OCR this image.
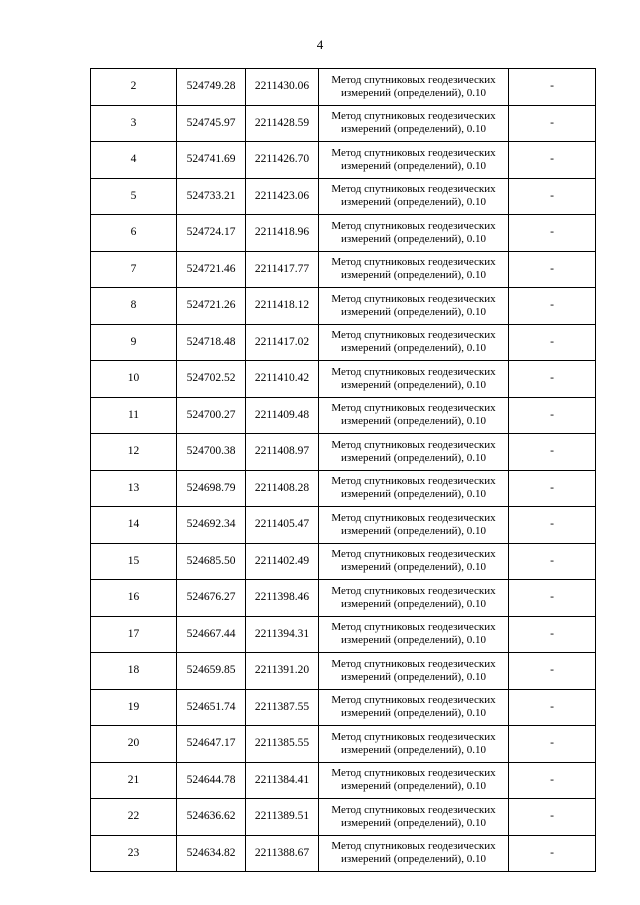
4
2	524749.28	2211430.06	Метод спутниковых геодезических измерений (определений), 0.10	-
3	524745.97	2211428.59	Метод спутниковых геодезических измерений (определений), 0.10	-
4	524741.69	2211426.70	Метод спутниковых геодезических измерений (определений), 0.10	-
5	524733.21	2211423.06	Метод спутниковых геодезических измерений (определений), 0.10	-
6	524724.17	2211418.96	Метод спутниковых геодезических измерений (определений), 0.10	-
7	524721.46	2211417.77	Метод спутниковых геодезических измерений (определений), 0.10	-
8	524721.26	2211418.12	Метод спутниковых геодезических измерений (определений), 0.10	-
9	524718.48	2211417.02	Метод спутниковых геодезических измерений (определений), 0.10	-
10	524702.52	2211410.42	Метод спутниковых геодезических измерений (определений), 0.10	-
11	524700.27	2211409.48	Метод спутниковых геодезических измерений (определений), 0.10	-
12	524700.38	2211408.97	Метод спутниковых геодезических измерений (определений), 0.10	-
13	524698.79	2211408.28	Метод спутниковых геодезических измерений (определений), 0.10	-
14	524692.34	2211405.47	Метод спутниковых геодезических измерений (определений), 0.10	-
15	524685.50	2211402.49	Метод спутниковых геодезических измерений (определений), 0.10	-
16	524676.27	2211398.46	Метод спутниковых геодезических измерений (определений), 0.10	-
17	524667.44	2211394.31	Метод спутниковых геодезических измерений (определений), 0.10	-
18	524659.85	2211391.20	Метод спутниковых геодезических измерений (определений), 0.10	-
19	524651.74	2211387.55	Метод спутниковых геодезических измерений (определений), 0.10	-
20	524647.17	2211385.55	Метод спутниковых геодезических измерений (определений), 0.10	-
21	524644.78	2211384.41	Метод спутниковых геодезических измерений (определений), 0.10	-
22	524636.62	2211389.51	Метод спутниковых геодезических измерений (определений), 0.10	-
23	524634.82	2211388.67	Метод спутниковых геодезических измерений (определений), 0.10	-
